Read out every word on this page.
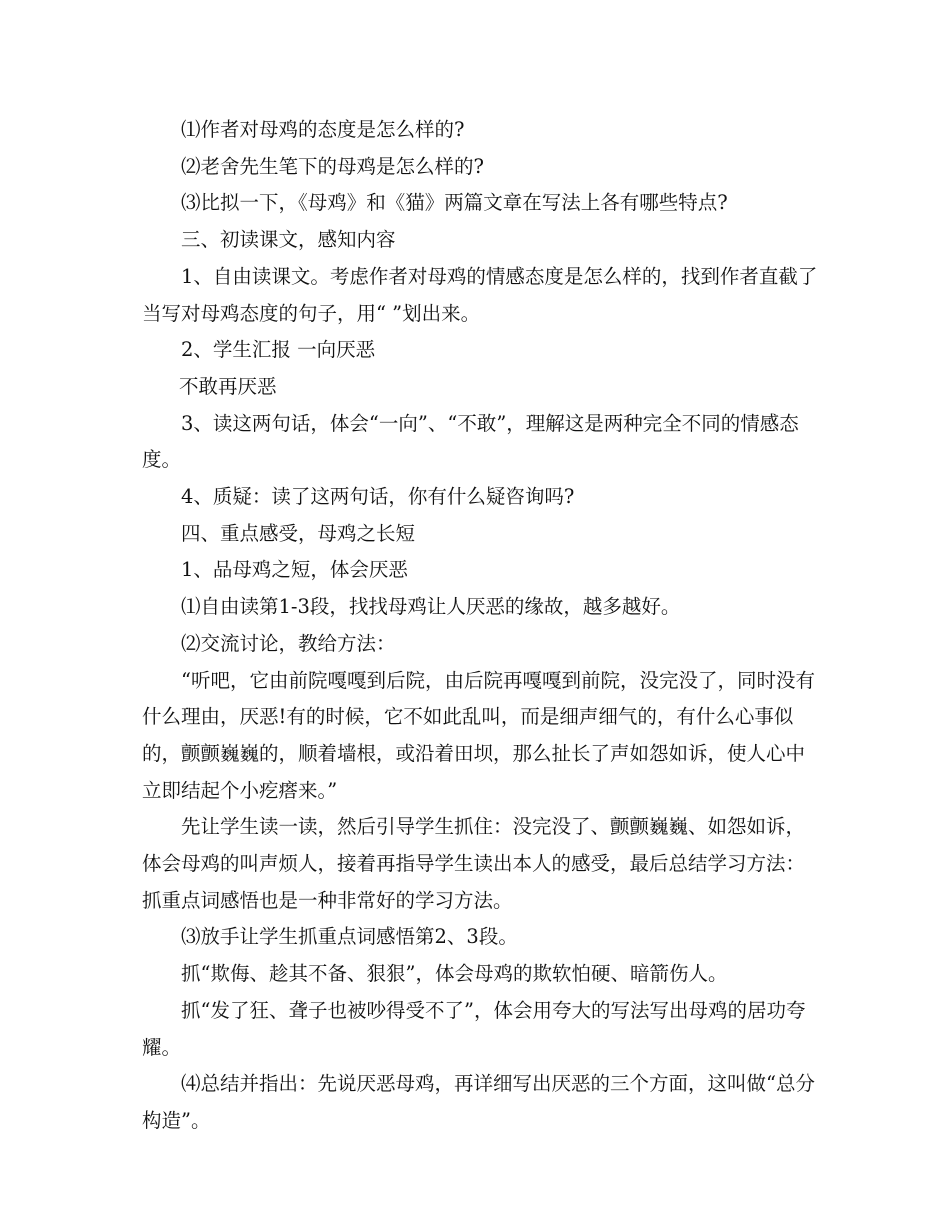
⑴作者对母鸡的态度是怎么样的?

⑵老舍先生笔下的母鸡是怎么样的?

⑶比拟一下，《母鸡》和《猫》两篇文章在写法上各有哪些特点?

三、初读课文，感知内容

1、自由读课文。考虑作者对母鸡的情感态度是怎么样的，找到作者直截了当写对母鸡态度的句子，用“ ”划出来。

2、学生汇报 一向厌恶

不敢再厌恶

3、读这两句话，体会“一向”、“不敢”，理解这是两种完全不同的情感态度。

4、质疑：读了这两句话，你有什么疑咨询吗?

四、重点感受，母鸡之长短

1、品母鸡之短，体会厌恶

⑴自由读第1-3段，找找母鸡让人厌恶的缘故，越多越好。

⑵交流讨论，教给方法：

“听吧，它由前院嘎嘎到后院，由后院再嘎嘎到前院，没完没了，同时没有什么理由，厌恶!有的时候，它不如此乱叫，而是细声细气的，有什么心事似的，颤颤巍巍的，顺着墙根，或沿着田坝，那么扯长了声如怨如诉，使人心中立即结起个小疙瘩来。”

先让学生读一读，然后引导学生抓住：没完没了、颤颤巍巍、如怨如诉，体会母鸡的叫声烦人，接着再指导学生读出本人的感受，最后总结学习方法：抓重点词感悟也是一种非常好的学习方法。

⑶放手让学生抓重点词感悟第2、3段。

抓“欺侮、趁其不备、狠狠”，体会母鸡的欺软怕硬、暗箭伤人。

抓“发了狂、聋子也被吵得受不了”，体会用夸大的写法写出母鸡的居功夸耀。

⑷总结并指出：先说厌恶母鸡，再详细写出厌恶的三个方面，这叫做“总分构造”。
